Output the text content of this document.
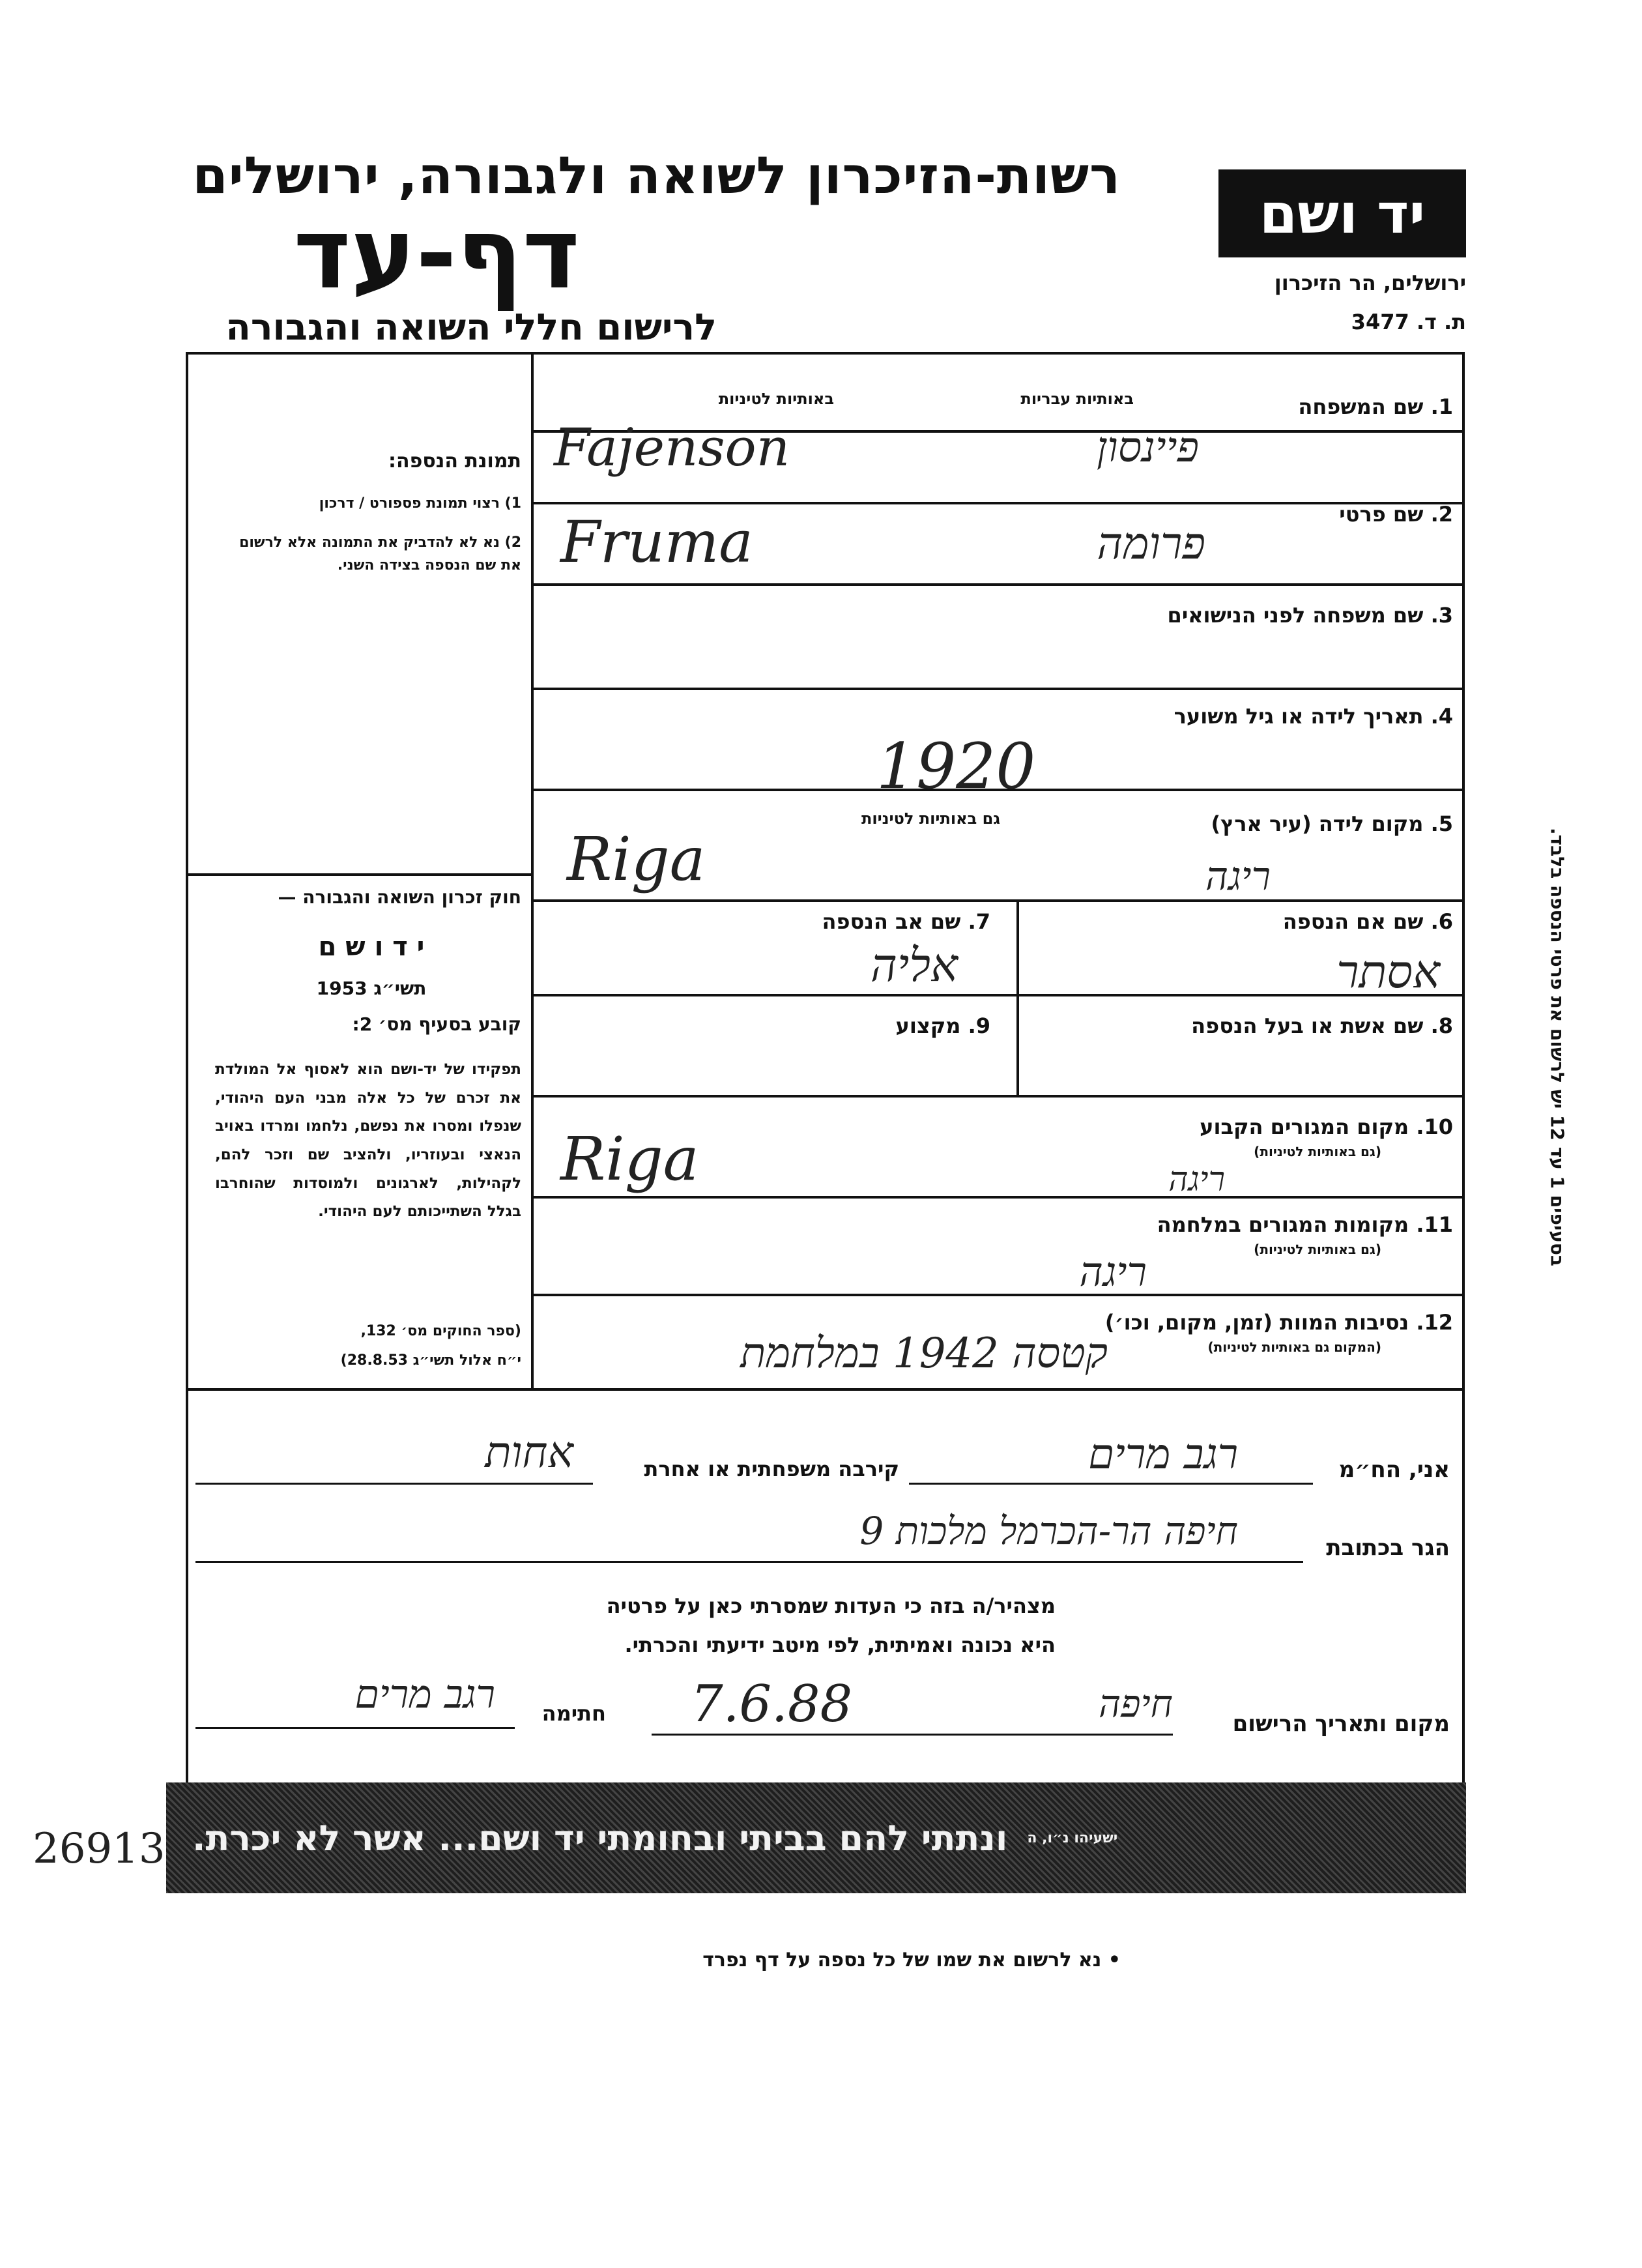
רשות-הזיכרון לשואה ולגבורה, ירושלים
דף-עד
לרישום חללי השואה והגבורה
יד ושם
ירושלים, הר הזיכרון
ת. ד. 3477
תמונת הנספה:
1) רצוי תמונת פספורט / דרכון
2) נא לא להדביק את התמונה אלא לרשום את שם הנספה בצידה השני.
חוק זכרון השואה והגבורה —
י ד ו ש ם
תשי״ג 1953
קובע בסעיף מס׳ 2:
תפקידו של יד-ושם הוא לאסוף אל המולדת את זכרם של כל אלה מבני העם היהודי, שנפלו ומסרו את נפשם, נלחמו ומרדו באויב הנאצי ובעוזריו, ולהציב שם וזכר להם, לקהילות, לארגונים ולמוסדות שהוחרבו בגלל השתייכותם לעם היהודי.
(ספר החוקים מס׳ 132,
י״ח אלול תשי״ג 28.8.53)
1. שם המשפחה
באותיות עבריות
באותיות לטיניות
פיינסון
Fajenson
2. שם פרטי
פרומה
Fruma
3. שם משפחה לפני הנישואים
4. תאריך לידה או גיל משוער
1920
5. מקום לידה (עיר ארץ)
גם באותיות לטיניות
Riga	ריגה
6. שם אם הנספה
אסתר
7. שם אב הנספה
אליה
8. שם אשת או בעל הנספה
9. מקצוע
10. מקום המגורים הקבוע
(גם באותיות לטיניות)
Riga	ריגה
11. מקומות המגורים במלחמה
(גם באותיות לטיניות)
ריגה
12. נסיבות המוות (זמן, מקום, וכו׳)
(המקום גם באותיות לטיניות)
קטסה 1942 במלחמת
אני, הח״מ
רגב מרים
קירבה משפחתית או אחרת
אחות
הגר בכתובת
חיפה הר-הכרמל מלכות 9
מצהיר/ה בזה כי העדות שמסרתי כאן על פרטיה
היא נכונה ואמיתית, לפי מיטב ידיעתי והכרתי.
מקום ותאריך הרישום
חיפה
7.6.88
חתימה
רגב מרים
בסעיפים 1 עד 12 יש לרשום את פרטי הנספה בלבד.
ונתתי להם בביתי ובחומתי יד ושם... אשר לא יכרת. ישעיהו נ״ו, ה
• נא לרשום את שמו של כל נספה על דף נפרד
26913
